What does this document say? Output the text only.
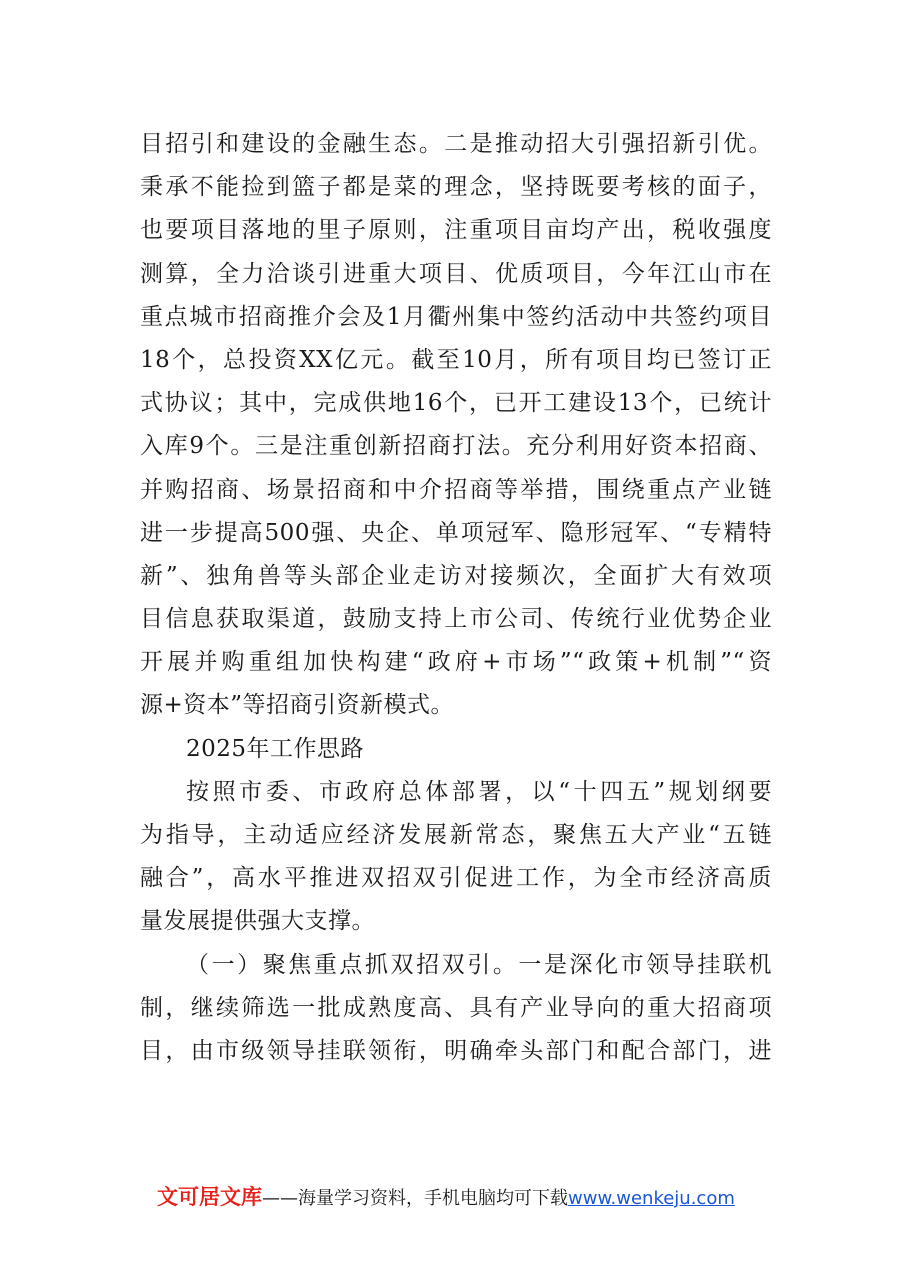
目招引和建设的金融生态。二是推动招大引强招新引优。
秉承不能捡到篮子都是菜的理念，坚持既要考核的面子，
也要项目落地的里子原则，注重项目亩均产出，税收强度
测算，全力洽谈引进重大项目、优质项目，今年江山市在
重点城市招商推介会及1月衢州集中签约活动中共签约项目
18个，总投资XX亿元。截至10月，所有项目均已签订正
式协议；其中，完成供地16个，已开工建设13个，已统计
入库9个。三是注重创新招商打法。充分利用好资本招商、
并购招商、场景招商和中介招商等举措，围绕重点产业链
进一步提高500强、央企、单项冠军、隐形冠军、“专精特
新”、独角兽等头部企业走访对接频次，全面扩大有效项
目信息获取渠道，鼓励支持上市公司、传统行业优势企业
开展并购重组加快构建“政府+市场”“政策+机制”“资
源+资本”等招商引资新模式。
2025年工作思路
按照市委、市政府总体部署，以“十四五”规划纲要
为指导，主动适应经济发展新常态，聚焦五大产业“五链
融合”，高水平推进双招双引促进工作，为全市经济高质
量发展提供强大支撑。
（一）聚焦重点抓双招双引。一是深化市领导挂联机
制，继续筛选一批成熟度高、具有产业导向的重大招商项
目，由市级领导挂联领衔，明确牵头部门和配合部门，进
文可居文库——海量学习资料，手机电脑均可下载www.wenkeju.com
